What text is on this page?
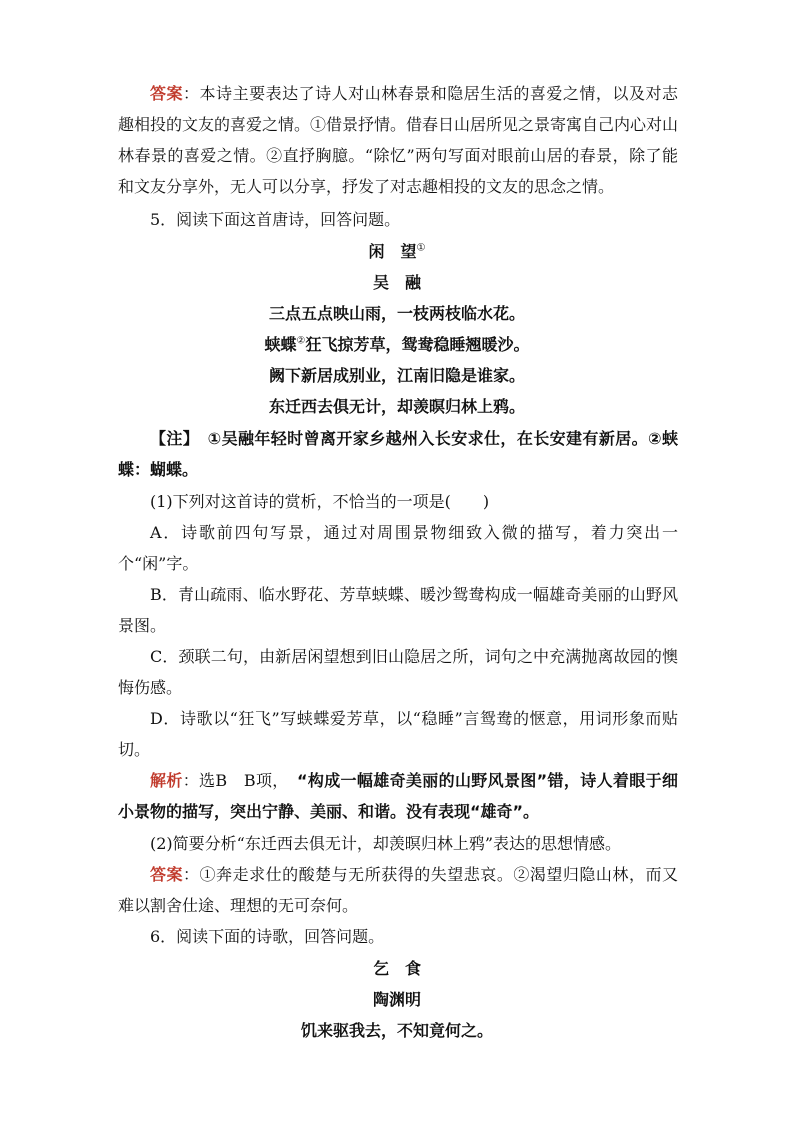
答案：本诗主要表达了诗人对山林春景和隐居生活的喜爱之情，以及对志趣相投的文友的喜爱之情。①借景抒情。借春日山居所见之景寄寓自己内心对山林春景的喜爱之情。②直抒胸臆。“除忆”两句写面对眼前山居的春景，除了能和文友分享外，无人可以分享，抒发了对志趣相投的文友的思念之情。
5．阅读下面这首唐诗，回答问题。
闲　望①
吴　融
三点五点映山雨，一枝两枝临水花。
蛱蝶②狂飞掠芳草，鸳鸯稳睡翘暖沙。
阙下新居成别业，江南旧隐是谁家。
东迁西去俱无计，却羡暝归林上鸦。
【注】　①吴融年轻时曾离开家乡越州入长安求仕，在长安建有新居。②蛱蝶：蝴蝶。
(1)下列对这首诗的赏析，不恰当的一项是(　　)
A．诗歌前四句写景，通过对周围景物细致入微的描写，着力突出一个“闲”字。
B．青山疏雨、临水野花、芳草蛱蝶、暖沙鸳鸯构成一幅雄奇美丽的山野风景图。
C．颈联二句，由新居闲望想到旧山隐居之所，词句之中充满抛离故园的懊悔伤感。
D．诗歌以“狂飞”写蛱蝶爱芳草，以“稳睡”言鸳鸯的惬意，用词形象而贴切。
解析：选B　B项，　“构成一幅雄奇美丽的山野风景图”错，诗人着眼于细小景物的描写，突出宁静、美丽、和谐。没有表现“雄奇”。
(2)简要分析“东迁西去俱无计，却羡暝归林上鸦”表达的思想情感。
答案：①奔走求仕的酸楚与无所获得的失望悲哀。②渴望归隐山林，而又难以割舍仕途、理想的无可奈何。
6．阅读下面的诗歌，回答问题。
乞　食
陶渊明
饥来驱我去，不知竟何之。
